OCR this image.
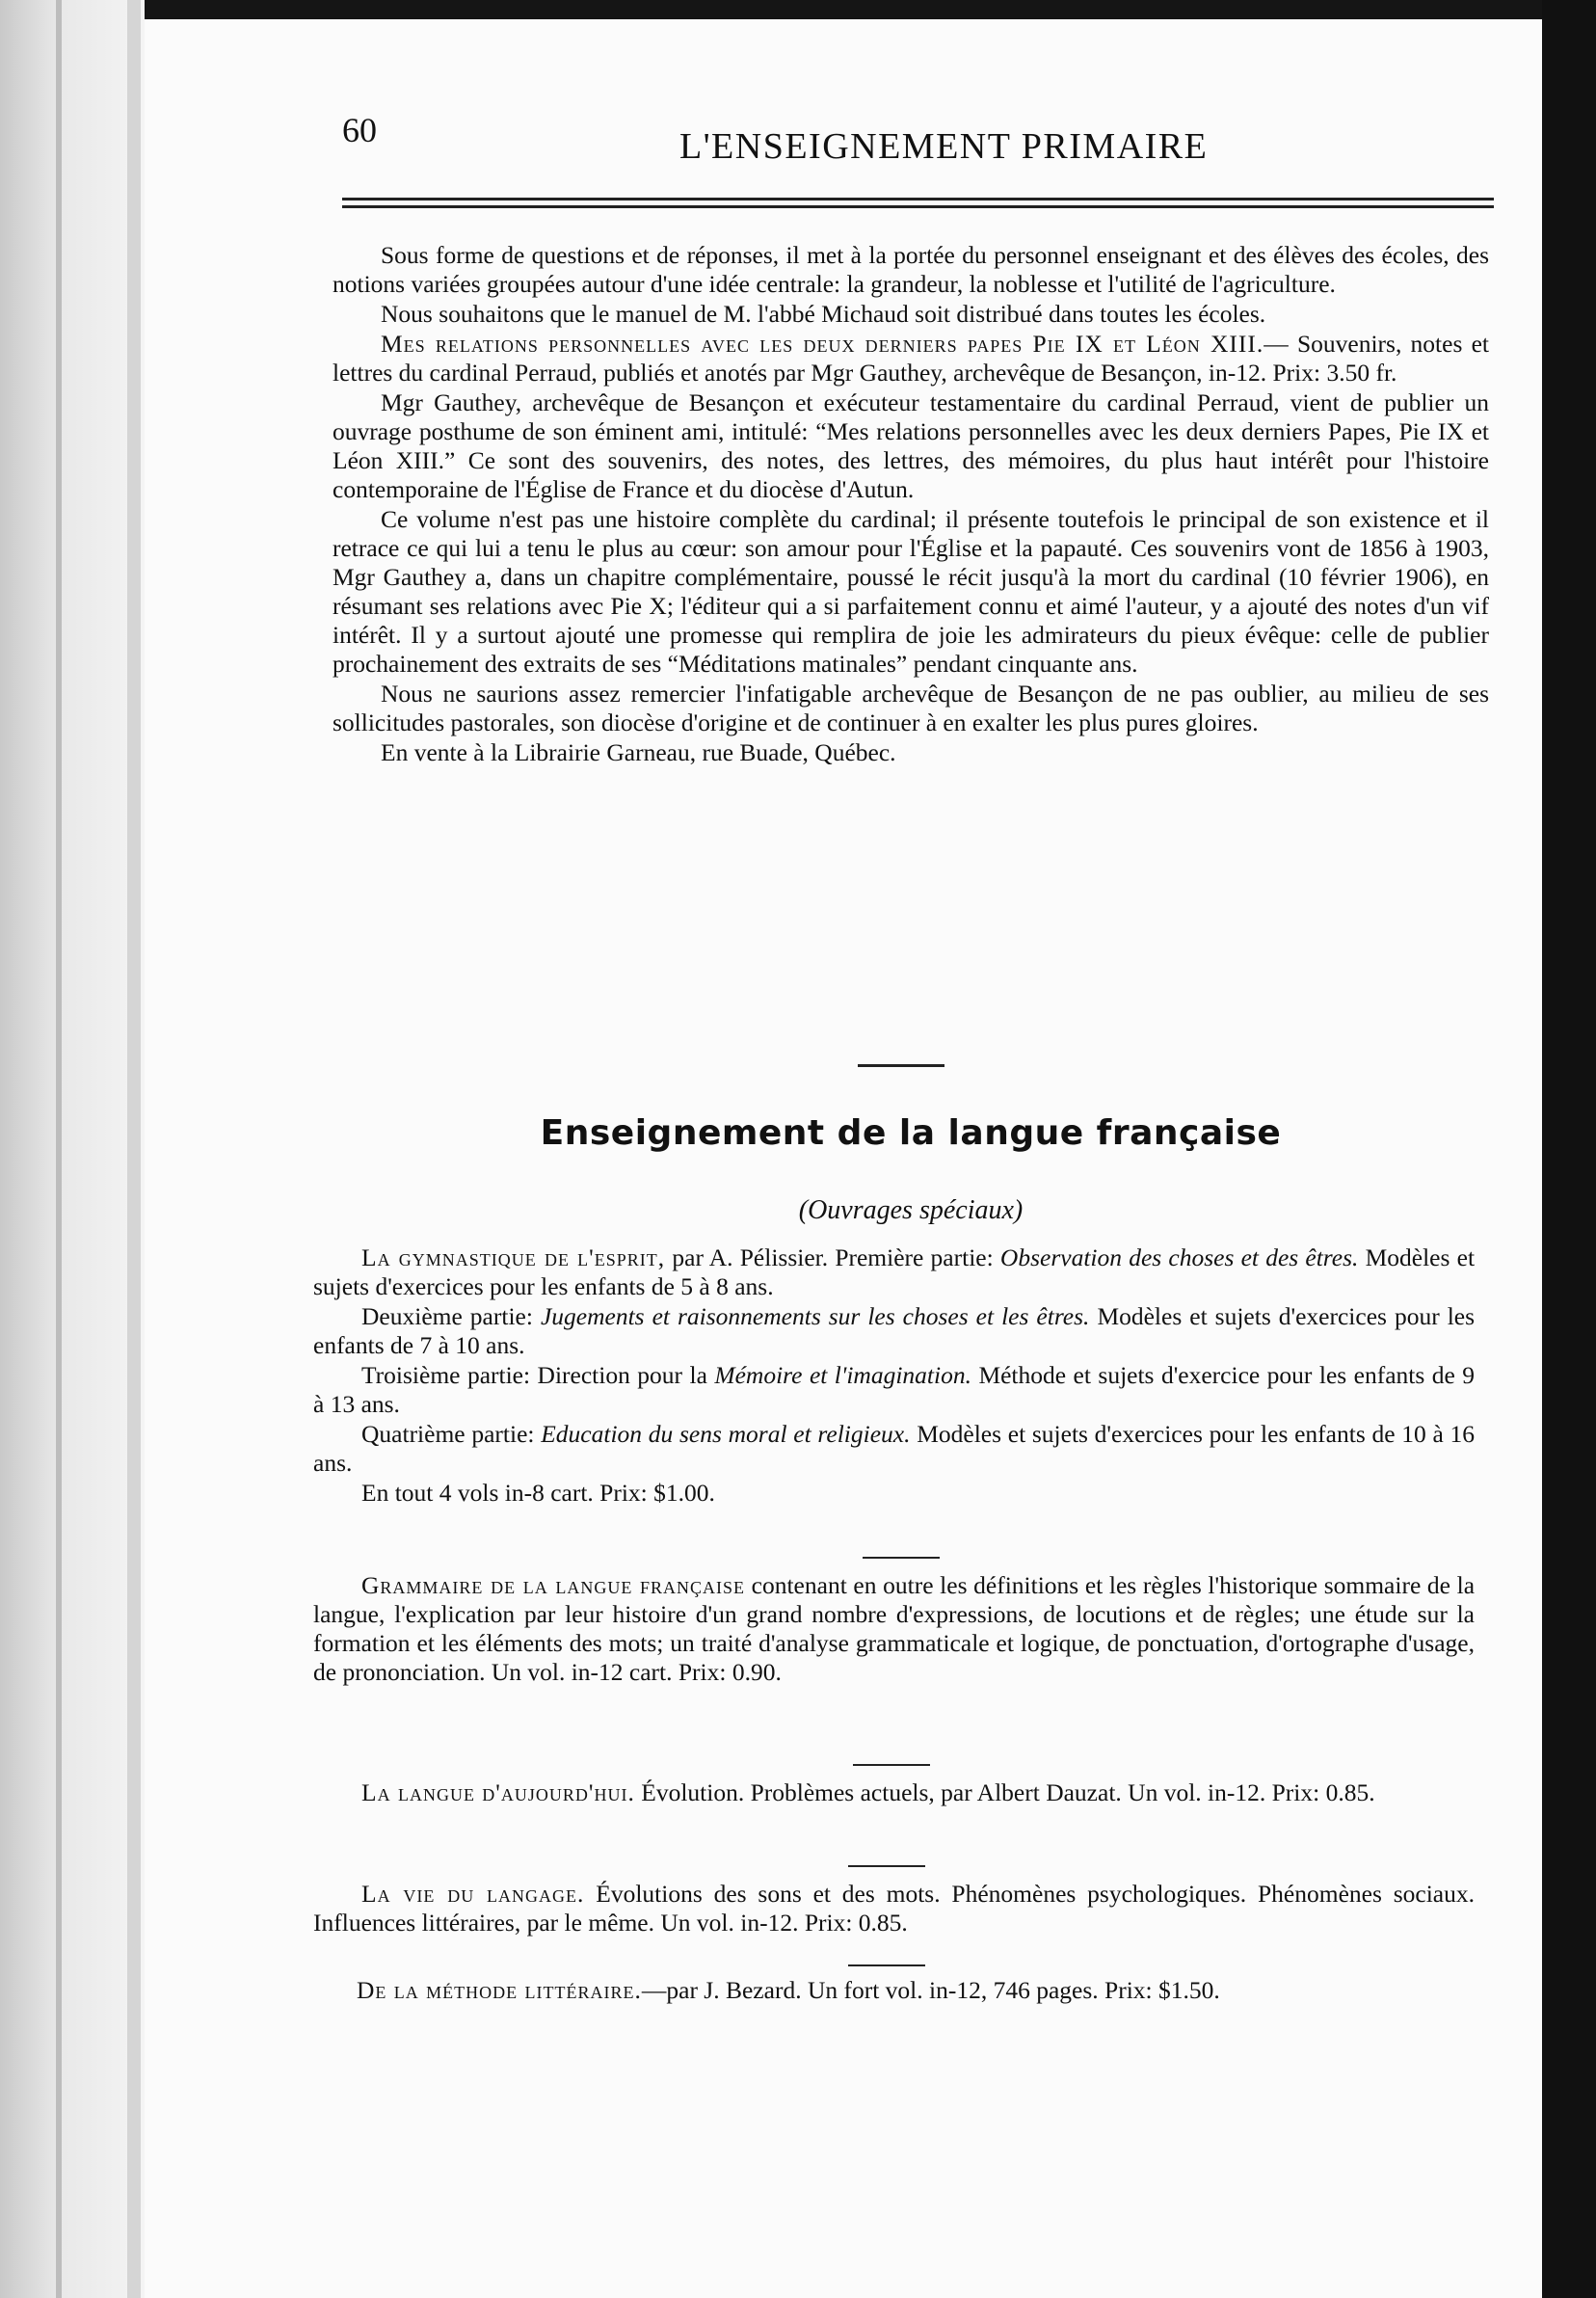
60	L'ENSEIGNEMENT PRIMAIRE

Sous forme de questions et de réponses, il met à la portée du personnel enseignant et des élèves des écoles, des notions variées groupées autour d'une idée centrale: la grandeur, la noblesse et l'utilité de l'agriculture.

Nous souhaitons que le manuel de M. l'abbé Michaud soit distribué dans toutes les écoles.

Mes relations personnelles avec les deux derniers papes Pie IX et Léon XIII.— Souvenirs, notes et lettres du cardinal Perraud, publiés et anotés par Mgr Gauthey, archevêque de Besançon, in-12. Prix: 3.50 fr.

Mgr Gauthey, archevêque de Besançon et exécuteur testamentaire du cardinal Perraud, vient de publier un ouvrage posthume de son éminent ami, intitulé: “Mes relations personnelles avec les deux derniers Papes, Pie IX et Léon XIII.” Ce sont des souvenirs, des notes, des lettres, des mémoires, du plus haut intérêt pour l'histoire contemporaine de l'Église de France et du diocèse d'Autun.

Ce volume n'est pas une histoire complète du cardinal; il présente toutefois le principal de son existence et il retrace ce qui lui a tenu le plus au cœur: son amour pour l'Église et la papauté. Ces souvenirs vont de 1856 à 1903, Mgr Gauthey a, dans un chapitre complémentaire, poussé le récit jusqu'à la mort du cardinal (10 février 1906), en résumant ses relations avec Pie X; l'éditeur qui a si parfaitement connu et aimé l'auteur, y a ajouté des notes d'un vif intérêt. Il y a surtout ajouté une promesse qui remplira de joie les admirateurs du pieux évêque: celle de publier prochainement des extraits de ses “Méditations matinales” pendant cinquante ans.

Nous ne saurions assez remercier l'infatigable archevêque de Besançon de ne pas oublier, au milieu de ses sollicitudes pastorales, son diocèse d'origine et de continuer à en exalter les plus pures gloires.

En vente à la Librairie Garneau, rue Buade, Québec.

Enseignement de la langue française
(Ouvrages spéciaux)

La gymnastique de l'esprit, par A. Pélissier. Première partie: Observation des choses et des êtres. Modèles et sujets d'exercices pour les enfants de 5 à 8 ans.

Deuxième partie: Jugements et raisonnements sur les choses et les êtres. Modèles et sujets d'exercices pour les enfants de 7 à 10 ans.

Troisième partie: Direction pour la Mémoire et l'imagination. Méthode et sujets d'exercice pour les enfants de 9 à 13 ans.

Quatrième partie: Education du sens moral et religieux. Modèles et sujets d'exercices pour les enfants de 10 à 16 ans.

En tout 4 vols in-8 cart. Prix: $1.00.

Grammaire de la langue française contenant en outre les définitions et les règles l'historique sommaire de la langue, l'explication par leur histoire d'un grand nombre d'expressions, de locutions et de règles; une étude sur la formation et les éléments des mots; un traité d'analyse grammaticale et logique, de ponctuation, d'ortographe d'usage, de prononciation. Un vol. in-12 cart. Prix: 0.90.

La langue d'aujourd'hui. Évolution. Problèmes actuels, par Albert Dauzat. Un vol. in-12. Prix: 0.85.

La vie du langage. Évolutions des sons et des mots. Phénomènes psychologiques. Phénomènes sociaux. Influences littéraires, par le même. Un vol. in-12. Prix: 0.85.

De la méthode littéraire.—par J. Bezard. Un fort vol. in-12, 746 pages. Prix: $1.50.
